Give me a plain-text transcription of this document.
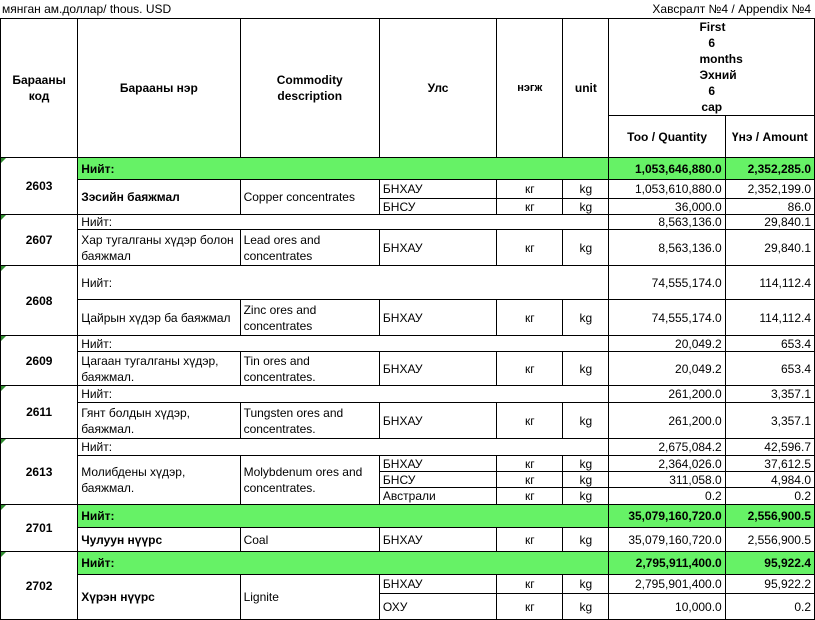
мянган ам.доллар/ thous. USD	Хавсралт №4 / Appendix №4
Барааны код	Барааны нэр	Commodity description	Улс	нэгж	unit	First 6 months Эхний 6 сар	
						Тоо / Quantity	Үнэ / Amount
2603	Нийт:					1,053,646,880.0	2,352,285.0
	Зэсийн баяжмал	Copper concentrates	БНХАУ	кг	kg	1,053,610,880.0	2,352,199.0
			БНСУ	кг	kg	36,000.0	86.0
2607	Нийт:					8,563,136.0	29,840.1
	Хар тугалганы хүдэр болон баяжмал	Lead ores and concentrates	БНХАУ	кг	kg	8,563,136.0	29,840.1
2608	Нийт:					74,555,174.0	114,112.4
	Цайрын хүдэр ба баяжмал	Zinc ores and concentrates	БНХАУ	кг	kg	74,555,174.0	114,112.4
2609	Нийт:					20,049.2	653.4
	Цагаан тугалганы хүдэр, баяжмал.	Tin ores and concentrates.	БНХАУ	кг	kg	20,049.2	653.4
2611	Нийт:					261,200.0	3,357.1
	Гянт болдын хүдэр, баяжмал.	Tungsten ores and concentrates.	БНХАУ	кг	kg	261,200.0	3,357.1
2613	Нийт:					2,675,084.2	42,596.7
	Молибдены хүдэр, баяжмал.	Molybdenum ores and concentrates.	БНХАУ	кг	kg	2,364,026.0	37,612.5
			БНСУ	кг	kg	311,058.0	4,984.0
			Австрали	кг	kg	0.2	0.2
2701	Нийт:					35,079,160,720.0	2,556,900.5
	Чулуун нүүрс	Coal	БНХАУ	кг	kg	35,079,160,720.0	2,556,900.5
2702	Нийт:					2,795,911,400.0	95,922.4
	Хүрэн нүүрс	Lignite	БНХАУ	кг	kg	2,795,901,400.0	95,922.2
			ОХУ	кг	kg	10,000.0	0.2
